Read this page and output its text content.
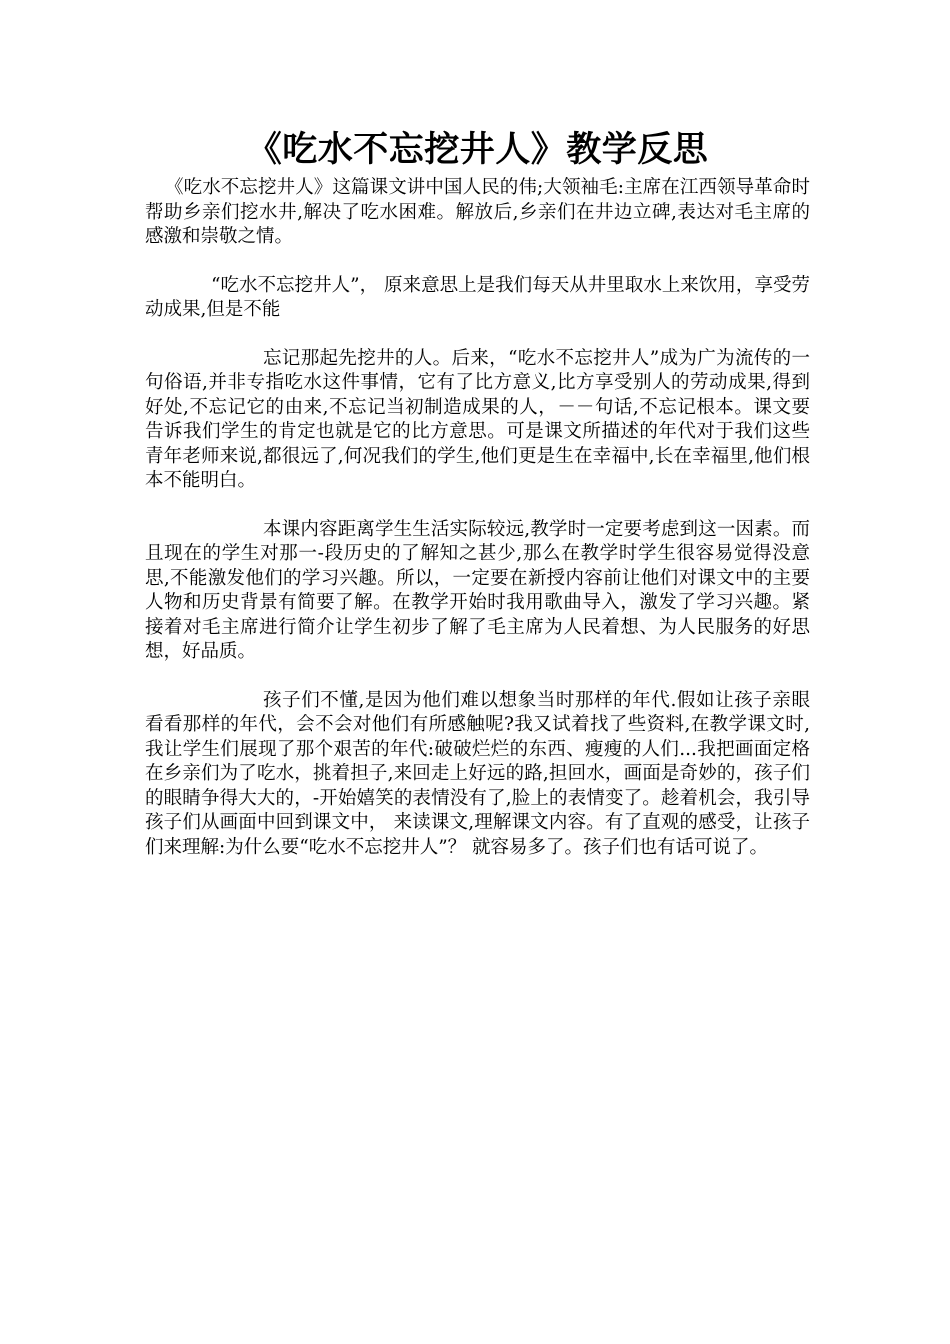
《吃水不忘挖井人》教学反思

《吃水不忘挖井人》这篇课文讲中国人民的伟;大领袖毛:主席在江西领导革命时帮助乡亲们挖水井,解决了吃水困难。解放后,乡亲们在井边立碑,表达对毛主席的感激和崇敬之情。

“吃水不忘挖井人”， 原来意思上是我们每天从井里取水上来饮用，享受劳动成果,但是不能

忘记那起先挖井的人。后来，“吃水不忘挖井人”成为广为流传的一句俗语,并非专指吃水这件事情，它有了比方意义,比方享受别人的劳动成果,得到好处,不忘记它的由来,不忘记当初制造成果的人，－－句话,不忘记根本。课文要告诉我们学生的肯定也就是它的比方意思。可是课文所描述的年代对于我们这些青年老师来说,都很远了,何况我们的学生,他们更是生在幸福中,长在幸福里,他们根本不能明白。

本课内容距离学生生活实际较远,教学时一定要考虑到这一因素。而且现在的学生对那一-段历史的了解知之甚少,那么在教学时学生很容易觉得没意思,不能激发他们的学习兴趣。所以，一定要在新授内容前让他们对课文中的主要人物和历史背景有简要了解。在教学开始时我用歌曲导入，激发了学习兴趣。紧接着对毛主席进行简介让学生初步了解了毛主席为人民着想、为人民服务的好思想，好品质。

孩子们不懂,是因为他们难以想象当时那样的年代.假如让孩子亲眼看看那样的年代，会不会对他们有所感触呢?我又试着找了些资料,在教学课文时,我让学生们展现了那个艰苦的年代:破破烂烂的东西、瘦瘦的人们...我把画面定格在乡亲们为了吃水，挑着担子,来回走上好远的路,担回水，画面是奇妙的，孩子们的眼睛争得大大的，-开始嬉笑的表情没有了,脸上的表情变了。趁着机会，我引导孩子们从画面中回到课文中， 来读课文,理解课文内容。有了直观的感受，让孩子们来理解:为什么要“吃水不忘挖井人”？ 就容易多了。孩子们也有话可说了。
